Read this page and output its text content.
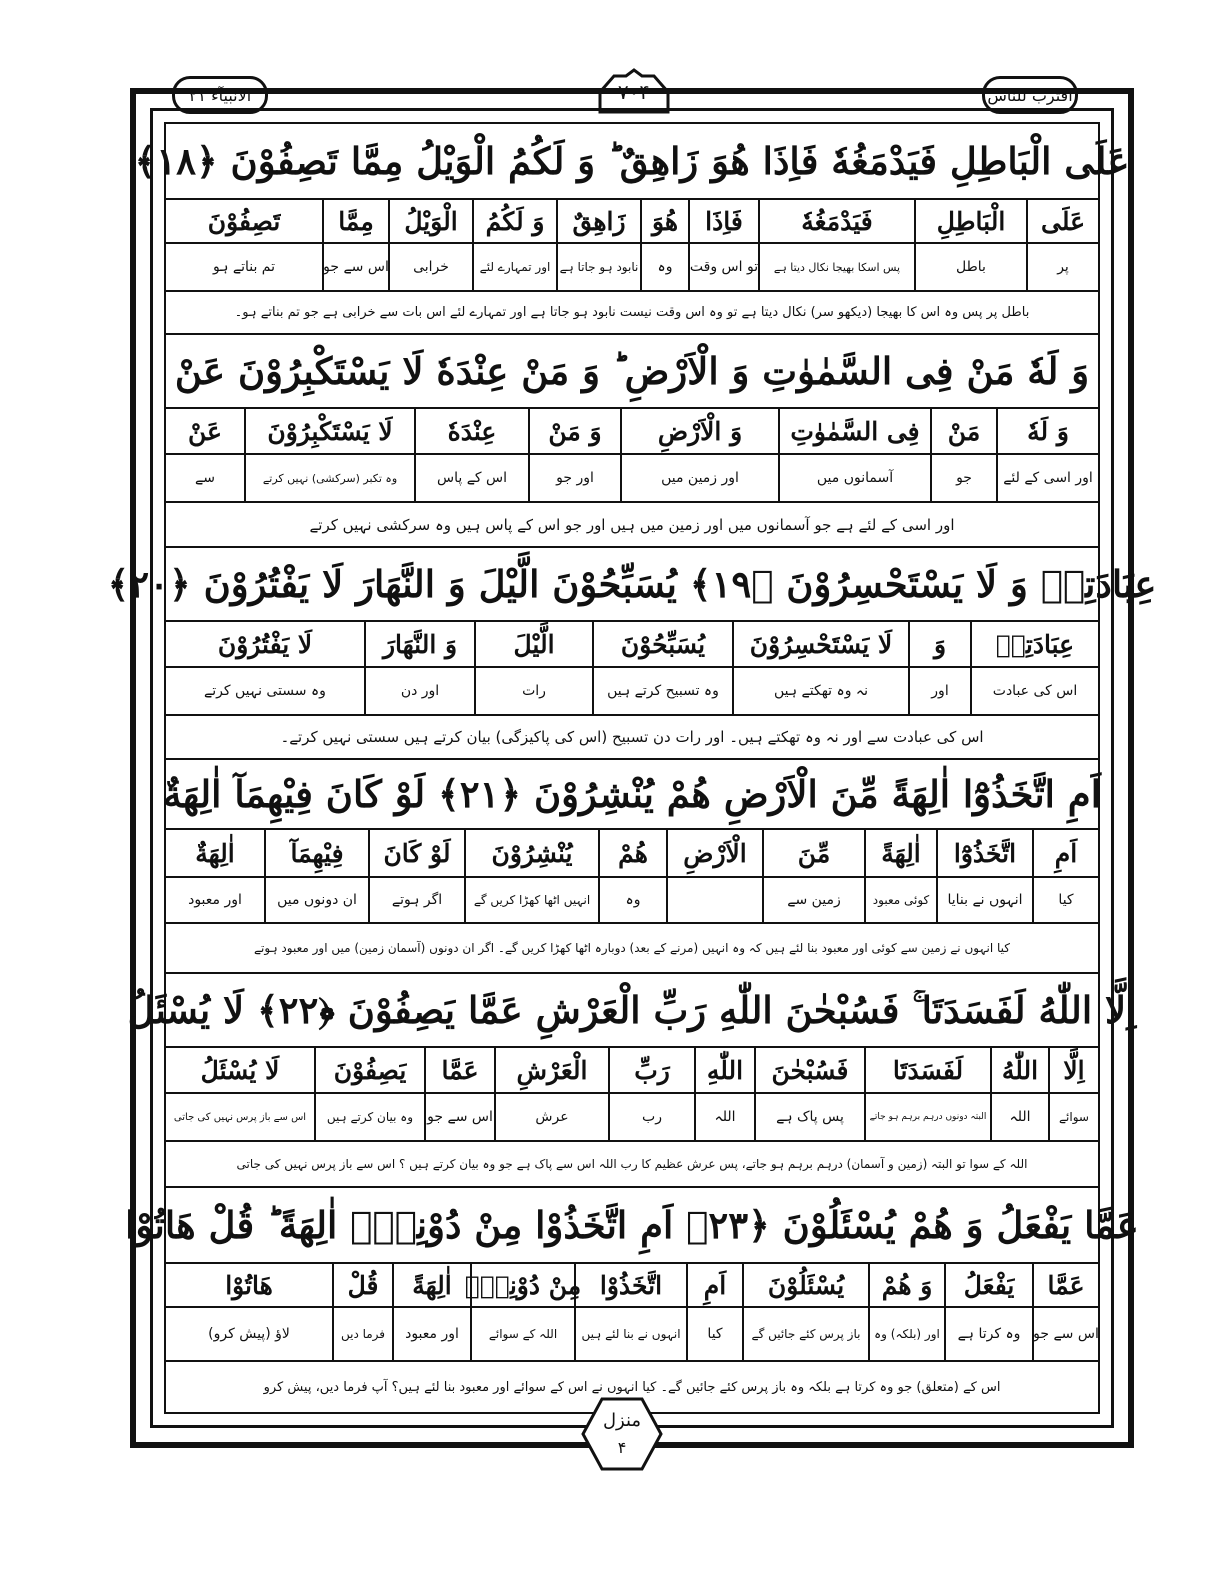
الانبیآء ۲۱	اقترب للناس
۷۰۴
عَلَى الْبَاطِلِ فَيَدْمَغُهٗ فَاِذَا هُوَ زَاهِقٌ ؕ وَ لَكُمُ الْوَيْلُ مِمَّا تَصِفُوْنَ ﴿١٨﴾
عَلَى
الْبَاطِلِ
فَيَدْمَغُهٗ
فَاِذَا
هُوَ
زَاهِقٌ
وَ لَكُمُ
الْوَيْلُ
مِمَّا
تَصِفُوْنَ
پر
باطل
پس اسکا بھیجا نکال دیتا ہے
تو اس وقت
وہ
نابود ہو جاتا ہے
اور تمہارے لئے
خرابی
اس سے جو
تم بناتے ہو
باطل پر پس وہ اس کا بھیجا (دیکھو سر) نکال دیتا ہے تو وہ اس وقت نیست نابود ہو جاتا ہے اور تمہارے لئے اس بات سے خرابی ہے جو تم بناتے ہو۔
وَ لَهٗ مَنْ فِى السَّمٰوٰتِ وَ الْاَرْضِ ؕ وَ مَنْ عِنْدَهٗ لَا يَسْتَكْبِرُوْنَ عَنْ
وَ لَهٗ
مَنْ
فِى السَّمٰوٰتِ
وَ الْاَرْضِ
وَ مَنْ
عِنْدَهٗ
لَا يَسْتَكْبِرُوْنَ
عَنْ
اور اسی کے لئے
جو
آسمانوں میں
اور زمین میں
اور جو
اس کے پاس
وہ تکبر (سرکشی) نہیں کرتے
سے
اور اسی کے لئے ہے جو آسمانوں میں اور زمین میں ہیں اور جو اس کے پاس ہیں وہ سرکشی نہیں کرتے
عِبَادَتِهٖ وَ لَا يَسْتَحْسِرُوْنَ ﴿١٩﴾ يُسَبِّحُوْنَ الَّيْلَ وَ النَّهَارَ لَا يَفْتُرُوْنَ ﴿٢٠﴾
عِبَادَتِهٖ
وَ
لَا يَسْتَحْسِرُوْنَ
يُسَبِّحُوْنَ
الَّيْلَ
وَ النَّهَارَ
لَا يَفْتُرُوْنَ
اس کی عبادت
اور
نہ وہ تھکتے ہیں
وہ تسبیح کرتے ہیں
رات
اور دن
وہ سستی نہیں کرتے
اس کی عبادت سے اور نہ وہ تھکتے ہیں۔ اور رات دن تسبیح (اس کی پاکیزگی) بیان کرتے ہیں سستی نہیں کرتے۔
اَمِ اتَّخَذُوْٓا اٰلِهَةً مِّنَ الْاَرْضِ هُمْ يُنْشِرُوْنَ ﴿٢١﴾ لَوْ كَانَ فِيْهِمَآ اٰلِهَةٌ
اَمِ
اتَّخَذُوْٓا
اٰلِهَةً
مِّنَ
الْاَرْضِ
هُمْ
يُنْشِرُوْنَ
لَوْ كَانَ
فِيْهِمَآ
اٰلِهَةٌ
کیا
انہوں نے بنایا
کوئی معبود
زمین سے
وہ
انہیں اٹھا کھڑا کریں گے
اگر ہوتے
ان دونوں میں
اور معبود
کیا انہوں نے زمین سے کوئی اور معبود بنا لئے ہیں کہ وہ انہیں (مرنے کے بعد) دوبارہ اٹھا کھڑا کریں گے۔ اگر ان دونوں (آسمان زمین) میں اور معبود ہوتے
اِلَّا اللّٰهُ لَفَسَدَتَا ۚ فَسُبْحٰنَ اللّٰهِ رَبِّ الْعَرْشِ عَمَّا يَصِفُوْنَ ﴿٢٢﴾ لَا يُسْئَلُ
اِلَّا
اللّٰهُ
لَفَسَدَتَا
فَسُبْحٰنَ
اللّٰهِ
رَبِّ
الْعَرْشِ
عَمَّا
يَصِفُوْنَ
لَا يُسْئَلُ
سوائے
اللہ
البتہ دونوں درہم برہم ہو جاتے
پس پاک ہے
اللہ
رب
عرش
اس سے جو
وہ بیان کرتے ہیں
اس سے باز پرس نہیں کی جاتی
اللہ کے سوا تو البتہ (زمین و آسمان) درہم برہم ہو جاتے، پس عرش عظیم کا رب اللہ اس سے پاک ہے جو وہ بیان کرتے ہیں ؟ اس سے باز پرس نہیں کی جاتی
عَمَّا يَفْعَلُ وَ هُمْ يُسْئَلُوْنَ ﴿٢٣﴾ اَمِ اتَّخَذُوْا مِنْ دُوْنِهٖٓ اٰلِهَةً ؕ قُلْ هَاتُوْا
عَمَّا
يَفْعَلُ
وَ هُمْ
يُسْئَلُوْنَ
اَمِ
اتَّخَذُوْا
مِنْ دُوْنِهٖٓ
اٰلِهَةً
قُلْ
هَاتُوْا
اس سے جو
وہ کرتا ہے
اور (بلکہ) وہ
باز پرس کئے جائیں گے
کیا
انہوں نے بنا لئے ہیں
اللہ کے سوائے
اور معبود
فرما دیں
لاؤ (پیش کرو)
اس کے (متعلق) جو وہ کرتا ہے بلکہ وہ باز پرس کئے جائیں گے۔ کیا انہوں نے اس کے سوائے اور معبود بنا لئے ہیں؟ آپ فرما دیں، پیش کرو
منزل
۴
